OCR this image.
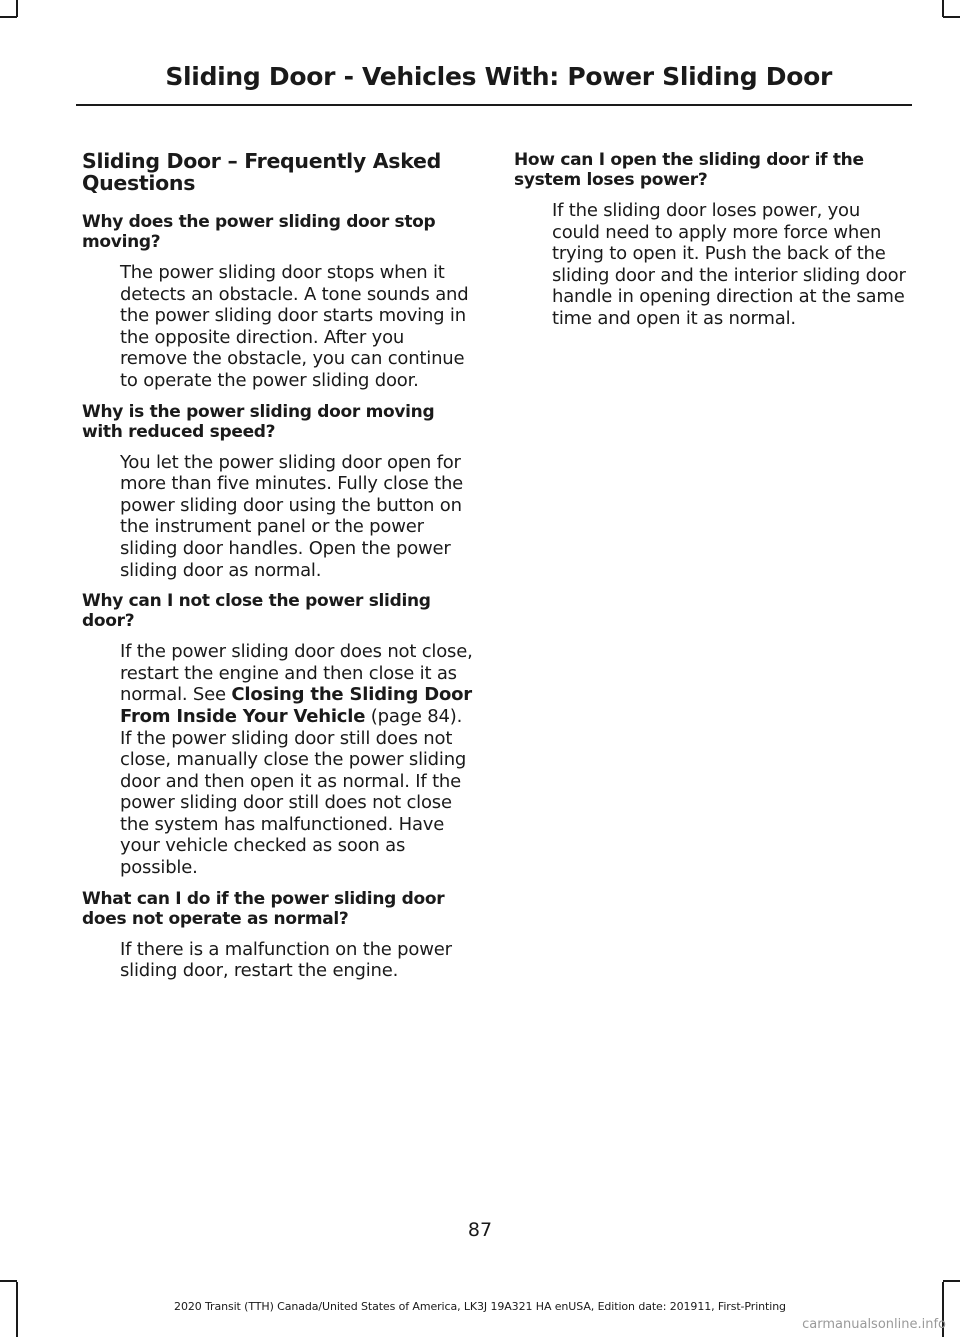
Sliding Door - Vehicles With: Power Sliding Door
Sliding Door – Frequently Asked Questions
Why does the power sliding door stop moving?
The power sliding door stops when it detects an obstacle. A tone sounds and the power sliding door starts moving in the opposite direction. After you remove the obstacle, you can continue to operate the power sliding door.
Why is the power sliding door moving with reduced speed?
You let the power sliding door open for more than five minutes. Fully close the power sliding door using the button on the instrument panel or the power sliding door handles. Open the power sliding door as normal.
Why can I not close the power sliding door?
If the power sliding door does not close, restart the engine and then close it as normal. See Closing the Sliding Door From Inside Your Vehicle (page 84). If the power sliding door still does not close, manually close the power sliding door and then open it as normal. If the power sliding door still does not close the system has malfunctioned. Have your vehicle checked as soon as possible.
What can I do if the power sliding door does not operate as normal?
If there is a malfunction on the power sliding door, restart the engine.
How can I open the sliding door if the system loses power?
If the sliding door loses power, you could need to apply more force when trying to open it. Push the back of the sliding door and the interior sliding door handle in opening direction at the same time and open it as normal.
87
2020 Transit (TTH) Canada/United States of America, LK3J 19A321 HA enUSA, Edition date: 201911, First-Printing
carmanualsonline.info
